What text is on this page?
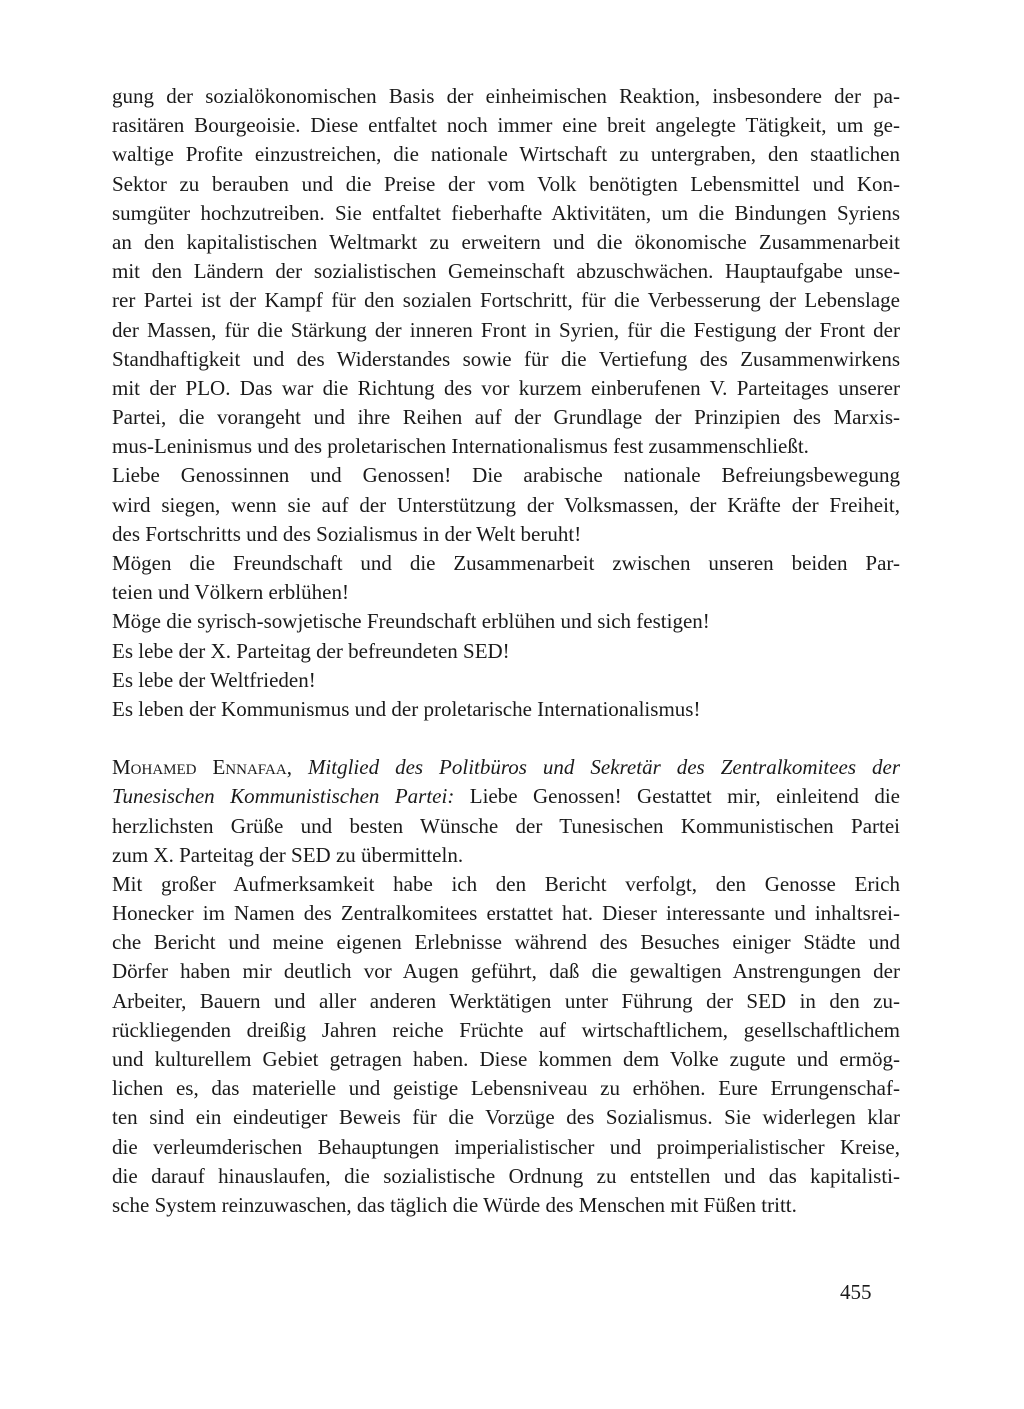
gung der sozialökonomischen Basis der einheimischen Reaktion, insbesondere der pa-
rasitären Bourgeoisie. Diese entfaltet noch immer eine breit angelegte Tätigkeit, um ge-
waltige Profite einzustreichen, die nationale Wirtschaft zu untergraben, den staatlichen
Sektor zu berauben und die Preise der vom Volk benötigten Lebensmittel und Kon-
sumgüter hochzutreiben. Sie entfaltet fieberhafte Aktivitäten, um die Bindungen Syriens
an den kapitalistischen Weltmarkt zu erweitern und die ökonomische Zusammenarbeit
mit den Ländern der sozialistischen Gemeinschaft abzuschwächen. Hauptaufgabe unse-
rer Partei ist der Kampf für den sozialen Fortschritt, für die Verbesserung der Lebenslage
der Massen, für die Stärkung der inneren Front in Syrien, für die Festigung der Front der
Standhaftigkeit und des Widerstandes sowie für die Vertiefung des Zusammenwirkens
mit der PLO. Das war die Richtung des vor kurzem einberufenen V. Parteitages unserer
Partei, die vorangeht und ihre Reihen auf der Grundlage der Prinzipien des Marxis-
mus-Leninismus und des proletarischen Internationalismus fest zusammenschließt.
Liebe Genossinnen und Genossen! Die arabische nationale Befreiungsbewegung
wird siegen, wenn sie auf der Unterstützung der Volksmassen, der Kräfte der Freiheit,
des Fortschritts und des Sozialismus in der Welt beruht!
Mögen die Freundschaft und die Zusammenarbeit zwischen unseren beiden Par-
teien und Völkern erblühen!
Möge die syrisch-sowjetische Freundschaft erblühen und sich festigen!
Es lebe der X. Parteitag der befreundeten SED!
Es lebe der Weltfrieden!
Es leben der Kommunismus und der proletarische Internationalismus!
Mohamed Ennafaa, Mitglied des Politbüros und Sekretär des Zentralkomitees der
Tunesischen Kommunistischen Partei: Liebe Genossen! Gestattet mir, einleitend die
herzlichsten Grüße und besten Wünsche der Tunesischen Kommunistischen Partei
zum X. Parteitag der SED zu übermitteln.
Mit großer Aufmerksamkeit habe ich den Bericht verfolgt, den Genosse Erich
Honecker im Namen des Zentralkomitees erstattet hat. Dieser interessante und inhaltsrei-
che Bericht und meine eigenen Erlebnisse während des Besuches einiger Städte und
Dörfer haben mir deutlich vor Augen geführt, daß die gewaltigen Anstrengungen der
Arbeiter, Bauern und aller anderen Werktätigen unter Führung der SED in den zu-
rückliegenden dreißig Jahren reiche Früchte auf wirtschaftlichem, gesellschaftlichem
und kulturellem Gebiet getragen haben. Diese kommen dem Volke zugute und ermög-
lichen es, das materielle und geistige Lebensniveau zu erhöhen. Eure Errungenschaf-
ten sind ein eindeutiger Beweis für die Vorzüge des Sozialismus. Sie widerlegen klar
die verleumderischen Behauptungen imperialistischer und proimperialistischer Kreise,
die darauf hinauslaufen, die sozialistische Ordnung zu entstellen und das kapitalisti-
sche System reinzuwaschen, das täglich die Würde des Menschen mit Füßen tritt.
455
